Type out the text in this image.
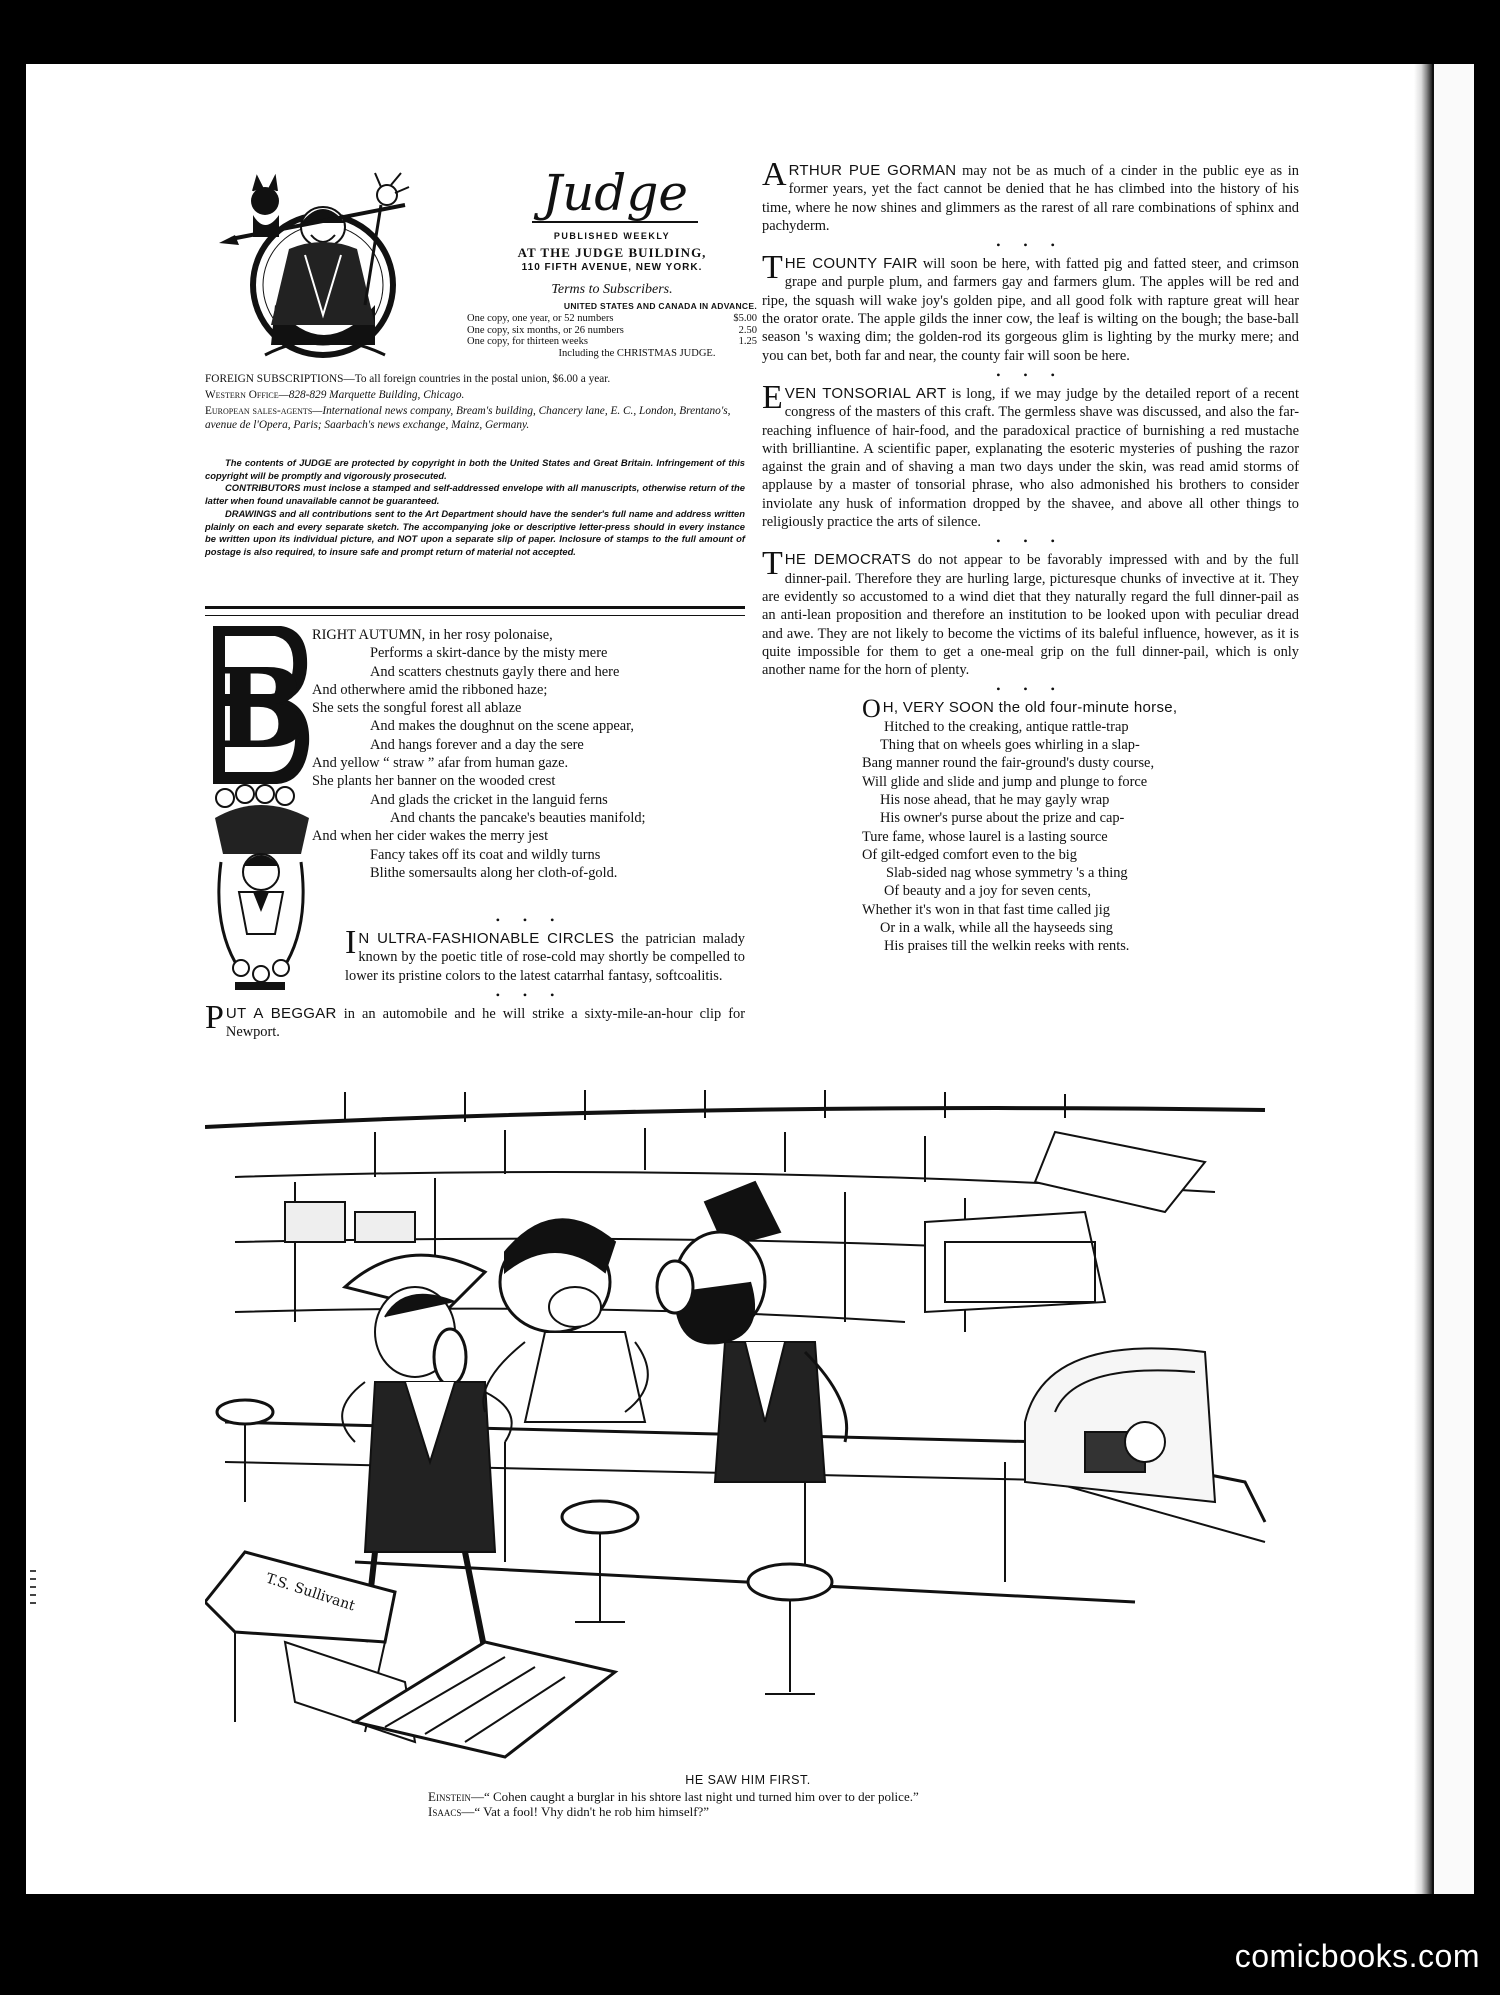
Judge
PUBLISHED WEEKLY
AT THE JUDGE BUILDING,
110 FIFTH AVENUE, NEW YORK.
Terms to Subscribers.
UNITED STATES AND CANADA IN ADVANCE.
One copy, one year, or 52 numbers	$5.00
One copy, six months, or 26 numbers	2.50
One copy, for thirteen weeks	1.25
Including the CHRISTMAS JUDGE.

FOREIGN SUBSCRIPTIONS—To all foreign countries in the postal union, $6.00 a year.

Western Office—828-829 Marquette Building, Chicago.

European sales-agents—International news company, Bream's building, Chancery lane, E. C., London, Brentano's, avenue de l'Opera, Paris; Saarbach's news exchange, Mainz, Germany.

The contents of JUDGE are protected by copyright in both the United States and Great Britain. Infringement of this copyright will be promptly and vigorously prosecuted.

CONTRIBUTORS must inclose a stamped and self-addressed envelope with all manuscripts, otherwise return of the latter when found unavailable cannot be guaranteed.

DRAWINGS and all contributions sent to the Art Department should have the sender's full name and address written plainly on each and every separate sketch. The accompanying joke or descriptive letter-press should in every instance be written upon its individual picture, and NOT upon a separate slip of paper. Inclosure of stamps to the full amount of postage is also required, to insure safe and prompt return of material not accepted.

B
RIGHT AUTUMN, in her rosy polonaise,
Performs a skirt-dance by the misty mere
And scatters chestnuts gayly there and here
And otherwhere amid the ribboned haze;
She sets the songful forest all ablaze
And makes the doughnut on the scene appear,
And hangs forever and a day the sere
And yellow “ straw ” afar from human gaze.
She plants her banner on the wooded crest
And glads the cricket in the languid ferns
And chants the pancake's beauties manifold;
And when her cider wakes the merry jest
Fancy takes off its coat and wildly turns
Blithe somersaults along her cloth-of-gold.
• • •

I N ULTRA-FASHIONABLE CIRCLES the patrician malady known by the poetic title of rose-cold may shortly be compelled to lower its pristine colors to the latest catarrhal fantasy, softcoalitis.

• • •

PUT A BEGGAR in an automobile and he will strike a sixty-mile-an-hour clip for Newport.

ARTHUR PUE GORMAN may not be as much of a cinder in the public eye as in former years, yet the fact cannot be denied that he has climbed into the history of his time, where he now shines and glimmers as the rarest of all rare combinations of sphinx and pachyderm.

• • •

THE COUNTY FAIR will soon be here, with fatted pig and fatted steer, and crimson grape and purple plum, and farmers gay and farmers glum. The apples will be red and ripe, the squash will wake joy's golden pipe, and all good folk with rapture great will hear the orator orate. The apple gilds the inner cow, the leaf is wilting on the bough; the base-ball season 's waxing dim; the golden-rod its gorgeous glim is lighting by the murky mere; and you can bet, both far and near, the county fair will soon be here.

• • •

EVEN TONSORIAL ART is long, if we may judge by the detailed report of a recent congress of the masters of this craft. The germless shave was discussed, and also the far-reaching influence of hair-food, and the paradoxical practice of burnishing a red mustache with brilliantine. A scientific paper, explanating the esoteric mysteries of pushing the razor against the grain and of shaving a man two days under the skin, was read amid storms of applause by a master of tonsorial phrase, who also admonished his brothers to consider inviolate any husk of information dropped by the shavee, and above all other things to religiously practice the arts of silence.

• • •

THE DEMOCRATS do not appear to be favorably impressed with and by the full dinner-pail. Therefore they are hurling large, picturesque chunks of invective at it. They are evidently so accustomed to a wind diet that they naturally regard the full dinner-pail as an anti-lean proposition and therefore an institution to be looked upon with peculiar dread and awe. They are not likely to become the victims of its baleful influence, however, as it is quite impossible for them to get a one-meal grip on the full dinner-pail, which is only another name for the horn of plenty.

• • •
O H, VERY SOON the old four-minute horse,
Hitched to the creaking, antique rattle-trap
Thing that on wheels goes whirling in a slap-
Bang manner round the fair-ground's dusty course,
Will glide and slide and jump and plunge to force
His nose ahead, that he may gayly wrap
His owner's purse about the prize and cap-
Ture fame, whose laurel is a lasting source
Of gilt-edged comfort even to the big
Slab-sided nag whose symmetry 's a thing
Of beauty and a joy for seven cents,
Whether it's won in that fast time called jig
Or in a walk, while all the hayseeds sing
His praises till the welkin reeks with rents.
T.S. Sullivant
HE SAW HIM FIRST.
Einstein—“ Cohen caught a burglar in his shtore last night und turned him over to der police.”
Isaacs—“ Vat a fool! Vhy didn't he rob him himself?”
comicbooks.com
